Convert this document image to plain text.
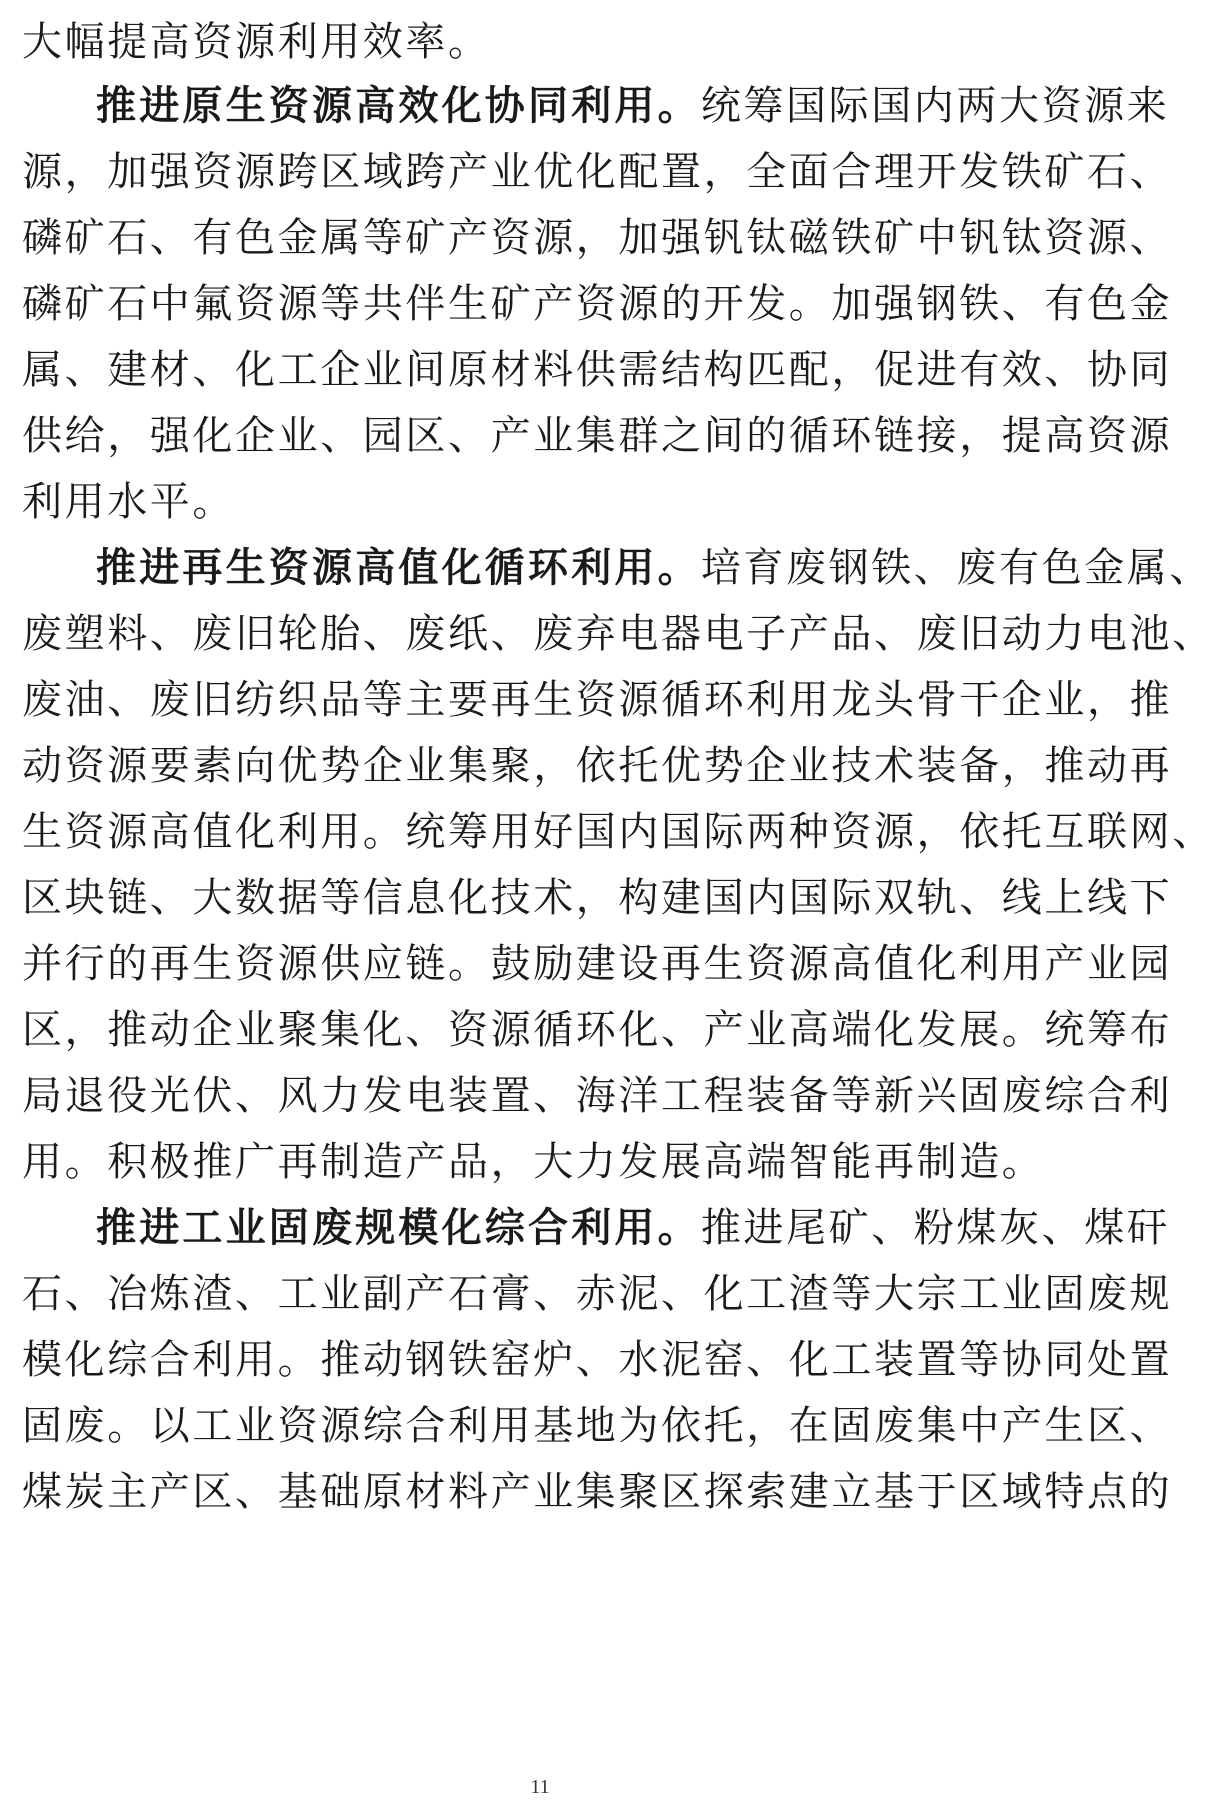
大幅提高资源利用效率。
推进原生资源高效化协同利用。统筹国际国内两大资源来
源，加强资源跨区域跨产业优化配置，全面合理开发铁矿石、
磷矿石、有色金属等矿产资源，加强钒钛磁铁矿中钒钛资源、
磷矿石中氟资源等共伴生矿产资源的开发。加强钢铁、有色金
属、建材、化工企业间原材料供需结构匹配，促进有效、协同
供给，强化企业、园区、产业集群之间的循环链接，提高资源
利用水平。
推进再生资源高值化循环利用。培育废钢铁、废有色金属、
废塑料、废旧轮胎、废纸、废弃电器电子产品、废旧动力电池、
废油、废旧纺织品等主要再生资源循环利用龙头骨干企业，推
动资源要素向优势企业集聚，依托优势企业技术装备，推动再
生资源高值化利用。统筹用好国内国际两种资源，依托互联网、
区块链、大数据等信息化技术，构建国内国际双轨、线上线下
并行的再生资源供应链。鼓励建设再生资源高值化利用产业园
区，推动企业聚集化、资源循环化、产业高端化发展。统筹布
局退役光伏、风力发电装置、海洋工程装备等新兴固废综合利
用。积极推广再制造产品，大力发展高端智能再制造。
推进工业固废规模化综合利用。推进尾矿、粉煤灰、煤矸
石、冶炼渣、工业副产石膏、赤泥、化工渣等大宗工业固废规
模化综合利用。推动钢铁窑炉、水泥窑、化工装置等协同处置
固废。以工业资源综合利用基地为依托，在固废集中产生区、
煤炭主产区、基础原材料产业集聚区探索建立基于区域特点的
11
